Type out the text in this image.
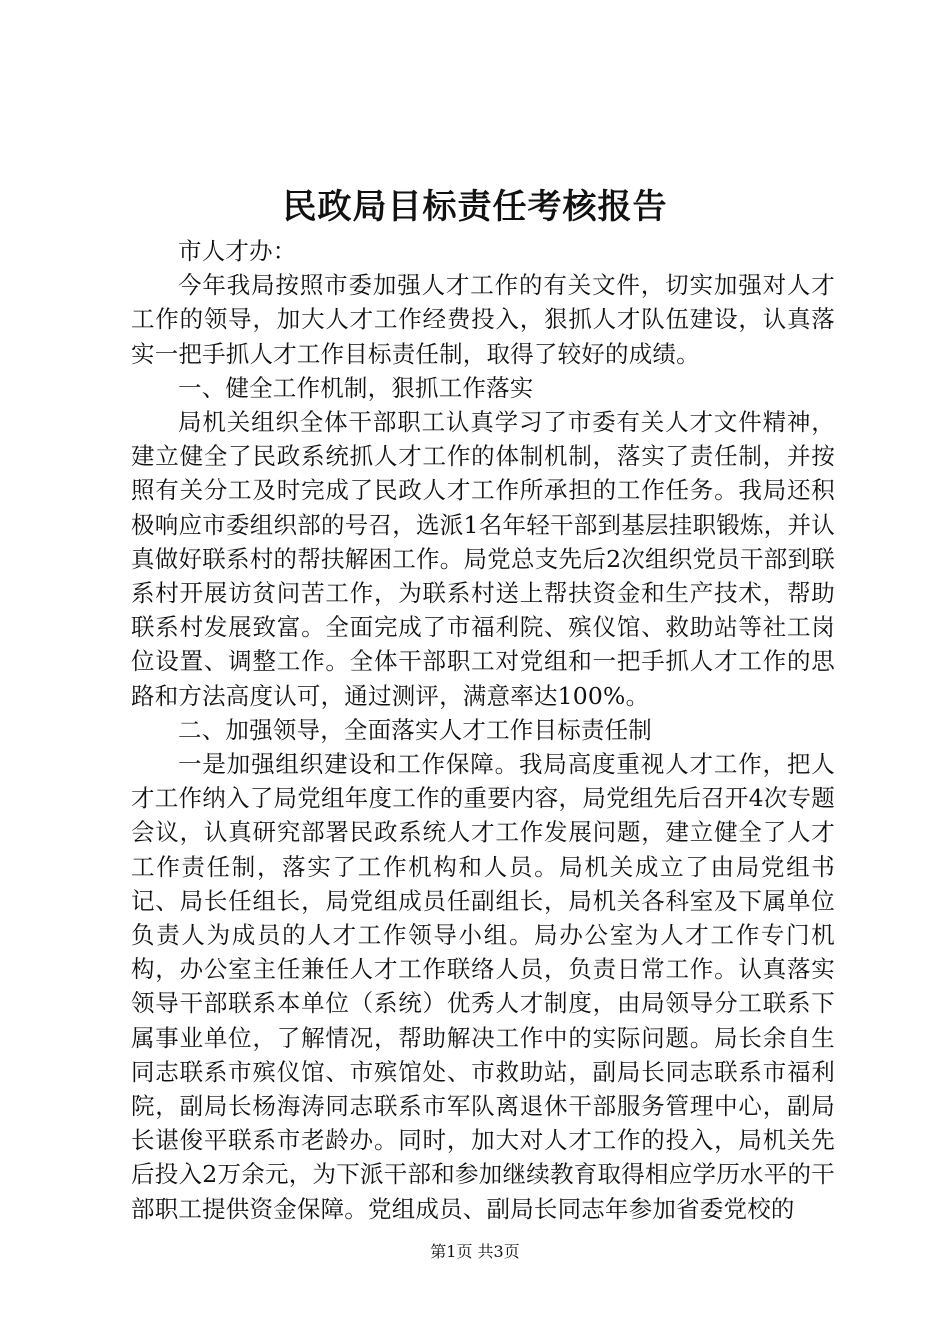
民政局目标责任考核报告

市人才办：

今年我局按照市委加强人才工作的有关文件，切实加强对人才工作的领导，加大人才工作经费投入，狠抓人才队伍建设，认真落实一把手抓人才工作目标责任制，取得了较好的成绩。

一、健全工作机制，狠抓工作落实

局机关组织全体干部职工认真学习了市委有关人才文件精神，建立健全了民政系统抓人才工作的体制机制，落实了责任制，并按照有关分工及时完成了民政人才工作所承担的工作任务。我局还积极响应市委组织部的号召，选派1名年轻干部到基层挂职锻炼，并认真做好联系村的帮扶解困工作。局党总支先后2次组织党员干部到联系村开展访贫问苦工作，为联系村送上帮扶资金和生产技术，帮助联系村发展致富。全面完成了市福利院、殡仪馆、救助站等社工岗位设置、调整工作。全体干部职工对党组和一把手抓人才工作的思路和方法高度认可，通过测评，满意率达100%。

二、加强领导，全面落实人才工作目标责任制

一是加强组织建设和工作保障。我局高度重视人才工作，把人才工作纳入了局党组年度工作的重要内容，局党组先后召开4次专题会议，认真研究部署民政系统人才工作发展问题，建立健全了人才工作责任制，落实了工作机构和人员。局机关成立了由局党组书记、局长任组长，局党组成员任副组长，局机关各科室及下属单位负责人为成员的人才工作领导小组。局办公室为人才工作专门机构，办公室主任兼任人才工作联络人员，负责日常工作。认真落实领导干部联系本单位（系统）优秀人才制度，由局领导分工联系下属事业单位，了解情况，帮助解决工作中的实际问题。局长余自生同志联系市殡仪馆、市殡馆处、市救助站，副局长同志联系市福利院，副局长杨海涛同志联系市军队离退休干部服务管理中心，副局长谌俊平联系市老龄办。同时，加大对人才工作的投入，局机关先后投入2万余元，为下派干部和参加继续教育取得相应学历水平的干部职工提供资金保障。党组成员、副局长同志年参加省委党校的

第1页 共3页
